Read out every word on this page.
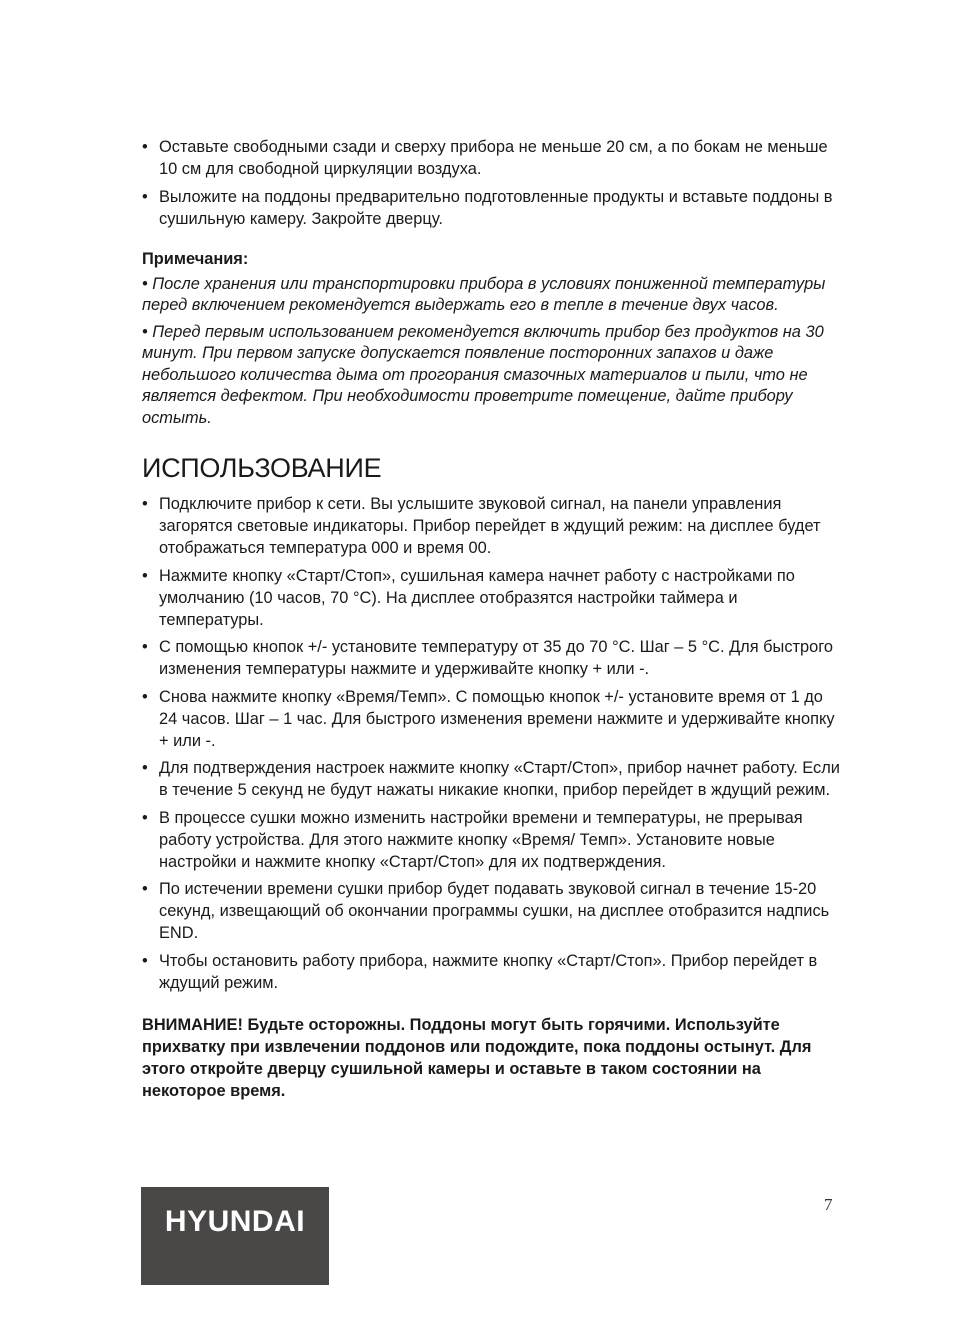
• Оставьте свободными сзади и сверху прибора не меньше 20 см, а по бокам не меньше 10 см для свободной циркуляции воздуха.
• Выложите на поддоны предварительно подготовленные продукты и вставьте поддоны в сушильную камеру. Закройте дверцу.
Примечания:

• После хранения или транспортировки прибора в условиях пониженной температуры перед включением рекомендуется выдержать его в тепле в течение двух часов.

• Перед первым использованием рекомендуется включить прибор без продуктов на 30 минут. При первом запуске допускается появление посторонних запахов и даже небольшого количества дыма от прогорания смазочных материалов и пыли, что не является дефектом. При необходимости проветрите помещение, дайте прибору остыть.

ИСПОЛЬЗОВАНИЕ
• Подключите прибор к сети. Вы услышите звуковой сигнал, на панели управления загорятся световые индикаторы. Прибор перейдет в ждущий режим: на дисплее будет отображаться температура 000 и время 00.
• Нажмите кнопку «Старт/Стоп», сушильная камера начнет работу с настройками по умолчанию (10 часов, 70 °C). На дисплее отобразятся настройки таймера и температуры.
• С помощью кнопок +/- установите температуру от 35 до 70 °C. Шаг – 5 °C. Для быстрого изменения температуры нажмите и удерживайте кнопку + или -.
• Снова нажмите кнопку «Время/Темп». С помощью кнопок +/- установите время от 1 до 24 часов. Шаг – 1 час. Для быстрого изменения времени нажмите и удерживайте кнопку + или -.
• Для подтверждения настроек нажмите кнопку «Старт/Стоп», прибор начнет работу. Если в течение 5 секунд не будут нажаты никакие кнопки, прибор перейдет в ждущий режим.
• В процессе сушки можно изменить настройки времени и температуры, не прерывая работу устройства. Для этого нажмите кнопку «Время/ Темп». Установите новые настройки и нажмите кнопку «Старт/Стоп» для их подтверждения.
• По истечении времени сушки прибор будет подавать звуковой сигнал в течение 15-20 секунд, извещающий об окончании программы сушки, на дисплее отобразится надпись END.
• Чтобы остановить работу прибора, нажмите кнопку «Старт/Стоп». Прибор перейдет в ждущий режим.
ВНИМАНИЕ! Будьте осторожны. Поддоны могут быть горячими. Используйте прихватку при извлечении поддонов или подождите, пока поддоны остынут. Для этого откройте дверцу сушильной камеры и оставьте в таком состоянии на некоторое время.
HYUNDAI
7
